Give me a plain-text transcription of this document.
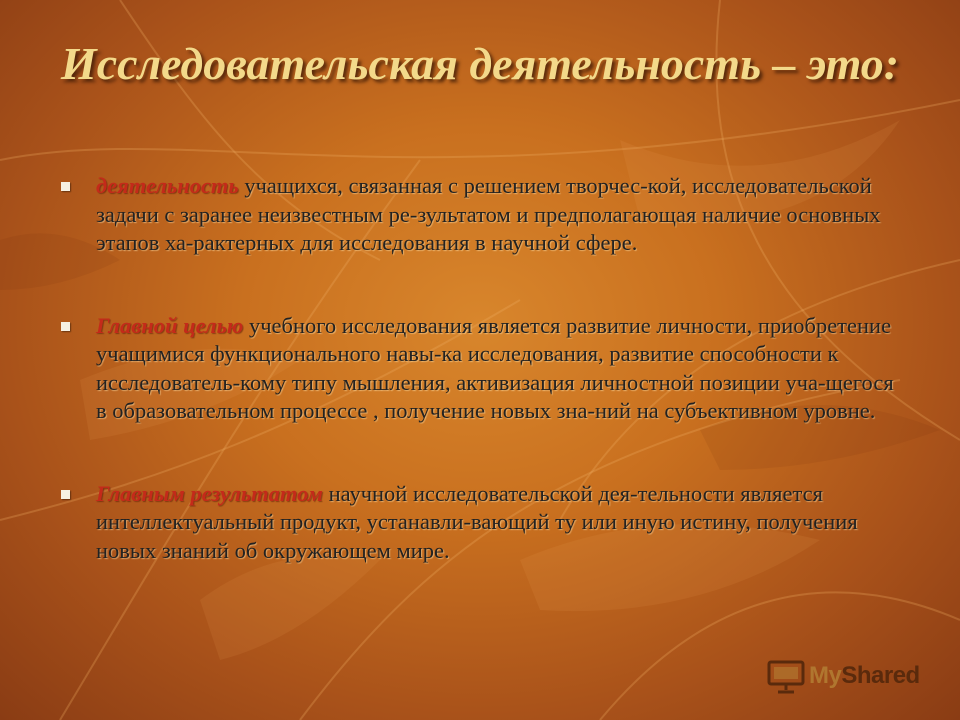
Исследовательская деятельность – это:
деятельность учащихся, связанная с решением творчес-кой, исследовательской задачи с заранее неизвестным ре-зультатом и предполагающая наличие основных этапов ха-рактерных для исследования в научной сфере.
Главной целью учебного исследования является развитие личности, приобретение учащимися функционального навы-ка исследования, развитие способности к исследователь-кому типу мышления, активизация личностной позиции уча-щегося в образовательном процессе , получение новых зна-ний на субъективном уровне.
Главным результатом научной исследовательской дея-тельности является интеллектуальный продукт, устанавли-вающий ту или иную истину, получения новых знаний об окружающем мире.
MyShared
